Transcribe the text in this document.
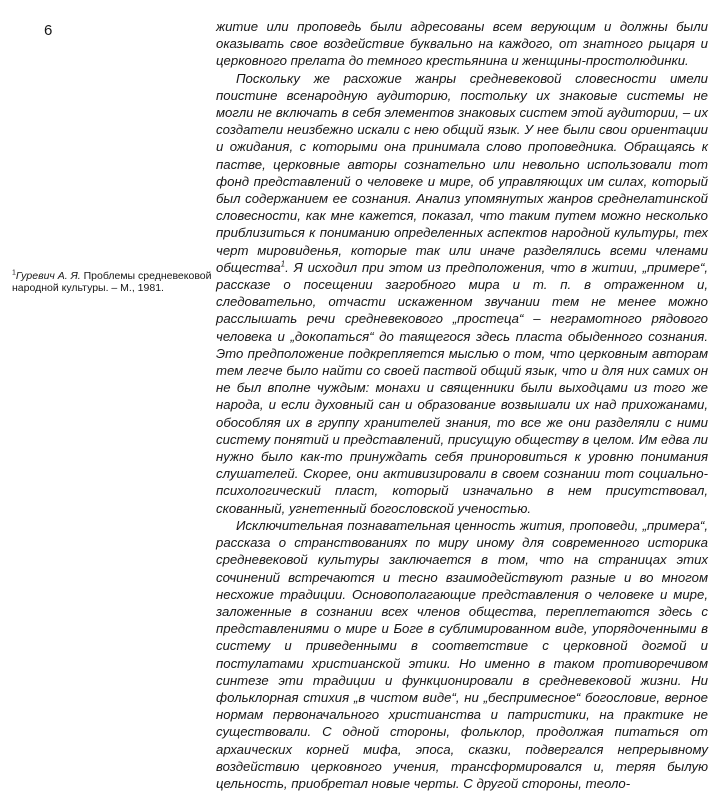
6
$^1$Гуревич А. Я. Проблемы средневековой народной культуры. – М., 1981.

житие или проповедь были адресованы всем верующим и должны были оказывать свое воздействие буквально на каждого, от знатного рыцаря и церковного прелата до темного крестьянина и женщины-простолюдинки.

Поскольку же расхожие жанры средневековой словесности имели поистине всенародную аудиторию, постольку их знаковые системы не могли не включать в себя элементов знаковых систем этой аудитории, – их создатели неизбежно искали с нею общий язык. У нее были свои ориентации и ожидания, с которыми она принимала слово проповедника. Обращаясь к пастве, церковные авторы сознательно или невольно использовали тот фонд представлений о человеке и мире, об управляющих им силах, который был содержанием ее сознания. Анализ упомянутых жанров среднелатинской словесности, как мне кажется, показал, что таким путем можно несколько приблизиться к пониманию определенных аспектов народной культуры, тех черт мировиденья, которые так или иначе разделялись всеми членами общества$^1$. Я исходил при этом из предположения, что в житии, „примере“, рассказе о посещении загробного мира и т. п. в отраженном и, следовательно, отчасти искаженном звучании тем не менее можно расслышать речи средневекового „простеца“ – неграмотного рядового человека и „докопаться“ до таящегося здесь пласта обыденного сознания. Это предположение подкрепляется мыслью о том, что церковным авторам тем легче было найти со своей паствой общий язык, что и для них самих он не был вполне чуждым: монахи и священники были выходцами из того же народа, и если духовный сан и образование возвышали их над прихожанами, обособляя их в группу хранителей знания, то все же они разделяли с ними систему понятий и представлений, присущую обществу в целом. Им едва ли нужно было как-то принуждать себя приноровиться к уровню понимания слушателей. Скорее, они активизировали в своем сознании тот социально-психологический пласт, который изначально в нем присутствовал, скованный, угнетенный богословской ученостью.

Исключительная познавательная ценность жития, проповеди, „примера“, рассказа о странствованиях по миру иному для современного историка средневековой культуры заключается в том, что на страницах этих сочинений встречаются и тесно взаимодействуют разные и во многом несхожие традиции. Основополагающие представления о человеке и мире, заложенные в сознании всех членов общества, переплетаются здесь с представлениями о мире и Боге в сублимированном виде, упорядоченными в систему и приведенными в соответствие с церковной догмой и постулатами христианской этики. Но именно в таком противоречивом синтезе эти традиции и функционировали в средневековой жизни. Ни фольклорная стихия „в чистом виде“, ни „беспримесное“ богословие, верное нормам первоначального христианства и патристики, на практике не существовали. С одной стороны, фольклор, продолжая питаться от архаических корней мифа, эпоса, сказки, подвергался непрерывному воздействию церковного учения, трансформировался и, теряя былую цельность, приобретал новые черты. С другой стороны, теоло-
